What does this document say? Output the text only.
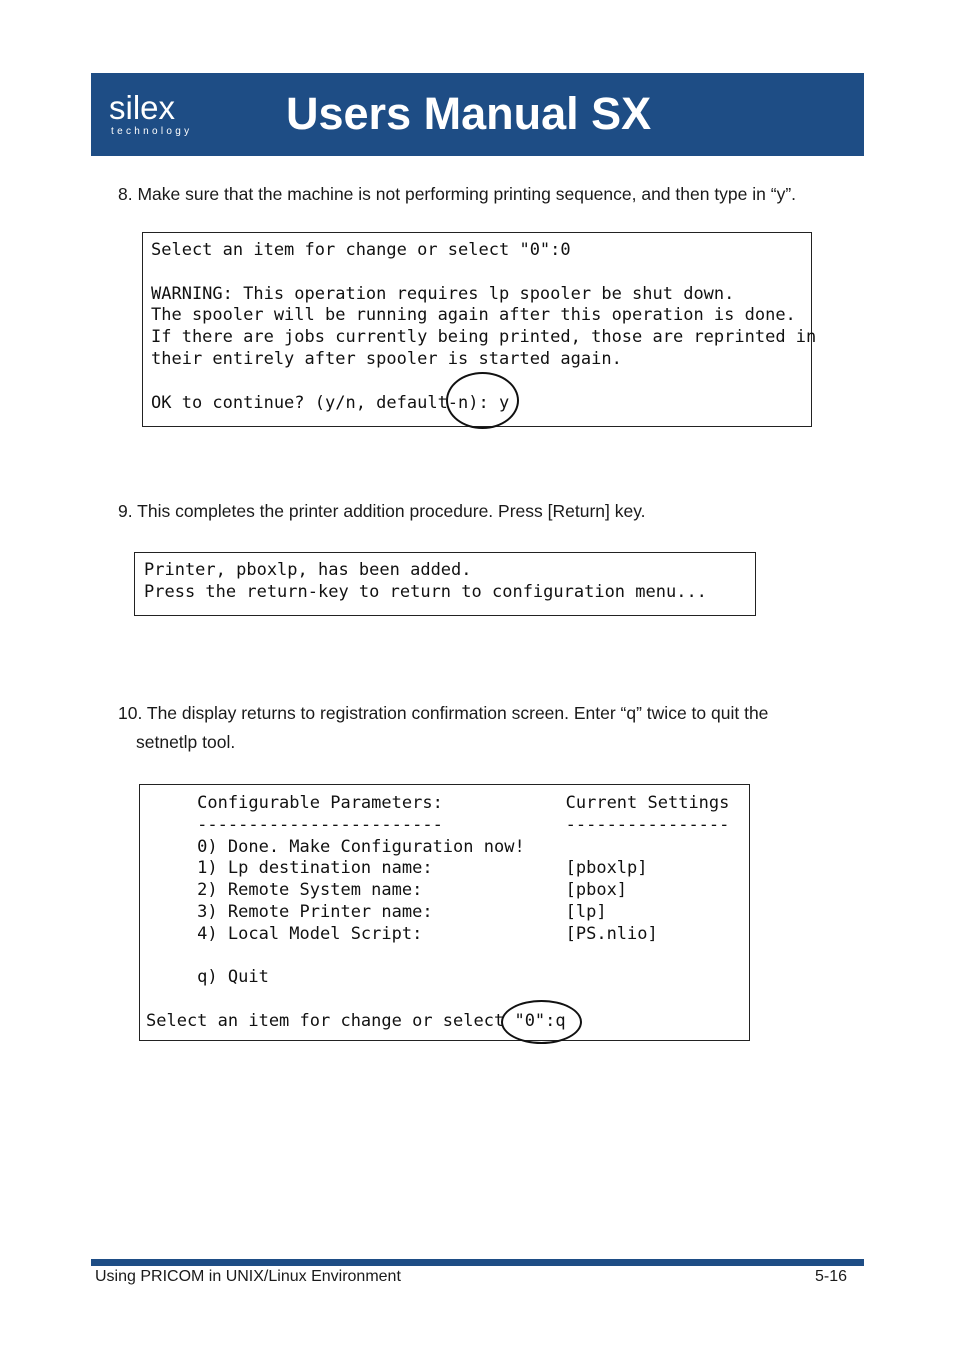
silex
technology Users Manual SX
8. Make sure that the machine is not performing printing sequence, and then type in “y”.
Select an item for change or select "0":0

WARNING: This operation requires lp spooler be shut down.
The spooler will be running again after this operation is done.
If there are jobs currently being printed, those are reprinted in
their entirely after spooler is started again.

OK to continue? (y/n, default-n): y
9. This completes the printer addition procedure. Press [Return] key.
Printer, pboxlp, has been added.
Press the return-key to return to configuration menu...
10. The display returns to registration confirmation screen. Enter “q” twice to quit the
setnetlp tool.
Configurable Parameters:            Current Settings
------------------------            ----------------
0) Done. Make Configuration now!
1) Lp destination name:             [pboxlp]
2) Remote System name:              [pbox]
3) Remote Printer name:             [lp]
4) Local Model Script:              [PS.nlio]

q) Quit

Select an item for change or select "0":q
Using PRICOM in UNIX/Linux Environment	5-16
